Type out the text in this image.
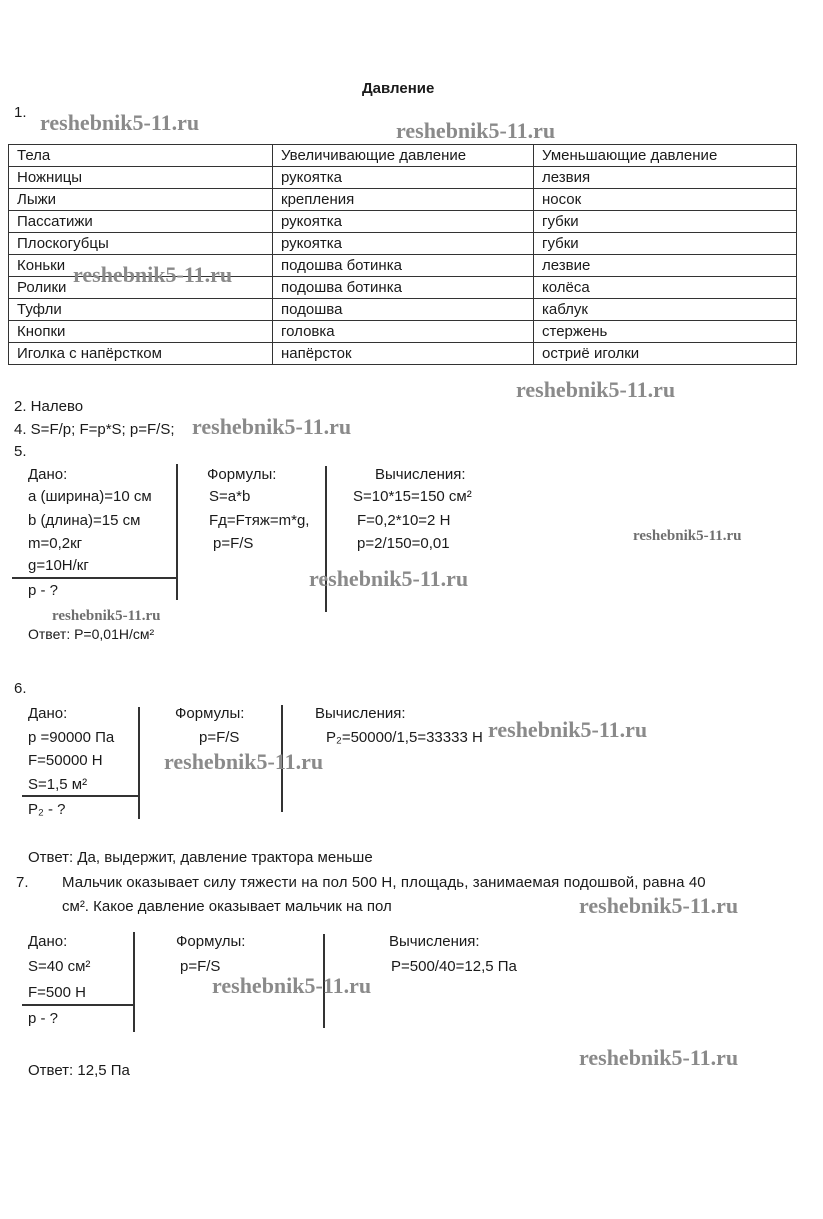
Давление
1.
Тела	Увеличивающие давление	Уменьшающие давление
Ножницы	рукоятка	лезвия
Лыжи	крепления	носок
Пассатижи	рукоятка	губки
Плоскогубцы	рукоятка	губки
Коньки	подошва ботинка	лезвие
Ролики	подошва ботинка	колёса
Туфли	подошва	каблук
Кнопки	головка	стержень
Иголка с напёрстком	напёрсток	остриё иголки
2. Налево
4. S=F/p; F=p*S; p=F/S;
5.
Дано:
a (ширина)=10 см
b (длина)=15 см
m=0,2кг
g=10Н/кг
p - ?
Формулы:
S=a*b
Fд=Fтяж=m*g,
p=F/S
Вычисления:
S=10*15=150 см²
F=0,2*10=2 Н
p=2/150=0,01
Ответ: P=0,01Н/см²
6.
Дано:
p =90000 Па
F=50000 Н
S=1,5 м²
P₂ - ?
Формулы:
p=F/S
Вычисления:
P₂=50000/1,5=33333 Н
Ответ: Да, выдержит, давление трактора меньше
7. Мальчик оказывает силу тяжести на пол 500 Н, площадь, занимаемая подошвой, равна 40
см². Какое давление оказывает мальчик на пол
Дано:
S=40 см²
F=500 Н
p - ?
Формулы:
p=F/S
Вычисления:
P=500/40=12,5 Па
Ответ: 12,5 Па
reshebnik5-11.ru	reshebnik5-11.ru
reshebnik5-11.ru
reshebnik5-11.ru
reshebnik5-11.ru
reshebnik5-11.ru
reshebnik5-11.ru
reshebnik5-11.ru
reshebnik5-11.ru
reshebnik5-11.ru
reshebnik5-11.ru
reshebnik5-11.ru
reshebnik5-11.ru
